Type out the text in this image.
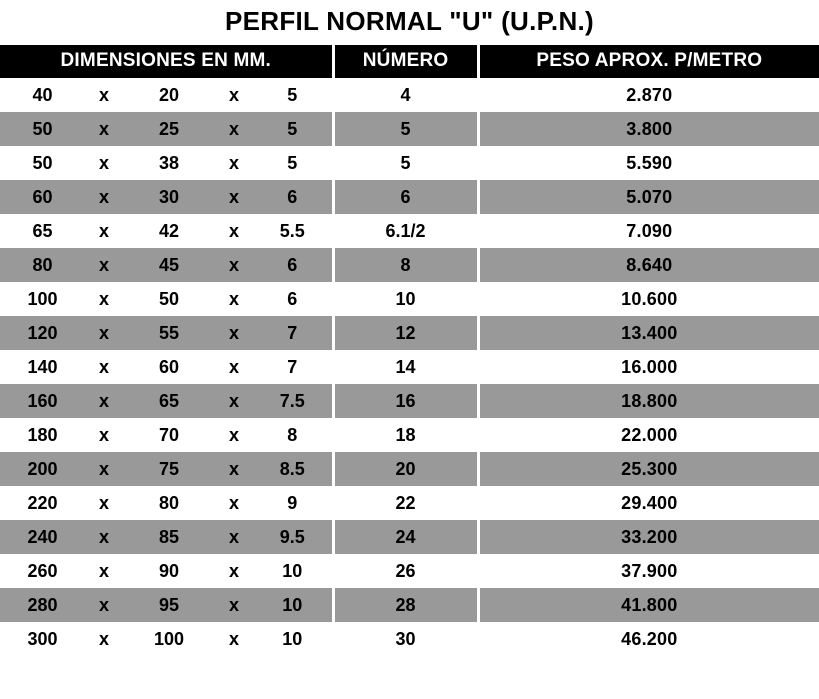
PERFIL NORMAL "U" (U.P.N.)
DIMENSIONES EN MM.					NÚMERO	PESO APROX. P/METRO
40	x	20	x	5	4	2.870
50	x	25	x	5	5	3.800
50	x	38	x	5	5	5.590
60	x	30	x	6	6	5.070
65	x	42	x	5.5	6.1/2	7.090
80	x	45	x	6	8	8.640
100	x	50	x	6	10	10.600
120	x	55	x	7	12	13.400
140	x	60	x	7	14	16.000
160	x	65	x	7.5	16	18.800
180	x	70	x	8	18	22.000
200	x	75	x	8.5	20	25.300
220	x	80	x	9	22	29.400
240	x	85	x	9.5	24	33.200
260	x	90	x	10	26	37.900
280	x	95	x	10	28	41.800
300	x	100	x	10	30	46.200
